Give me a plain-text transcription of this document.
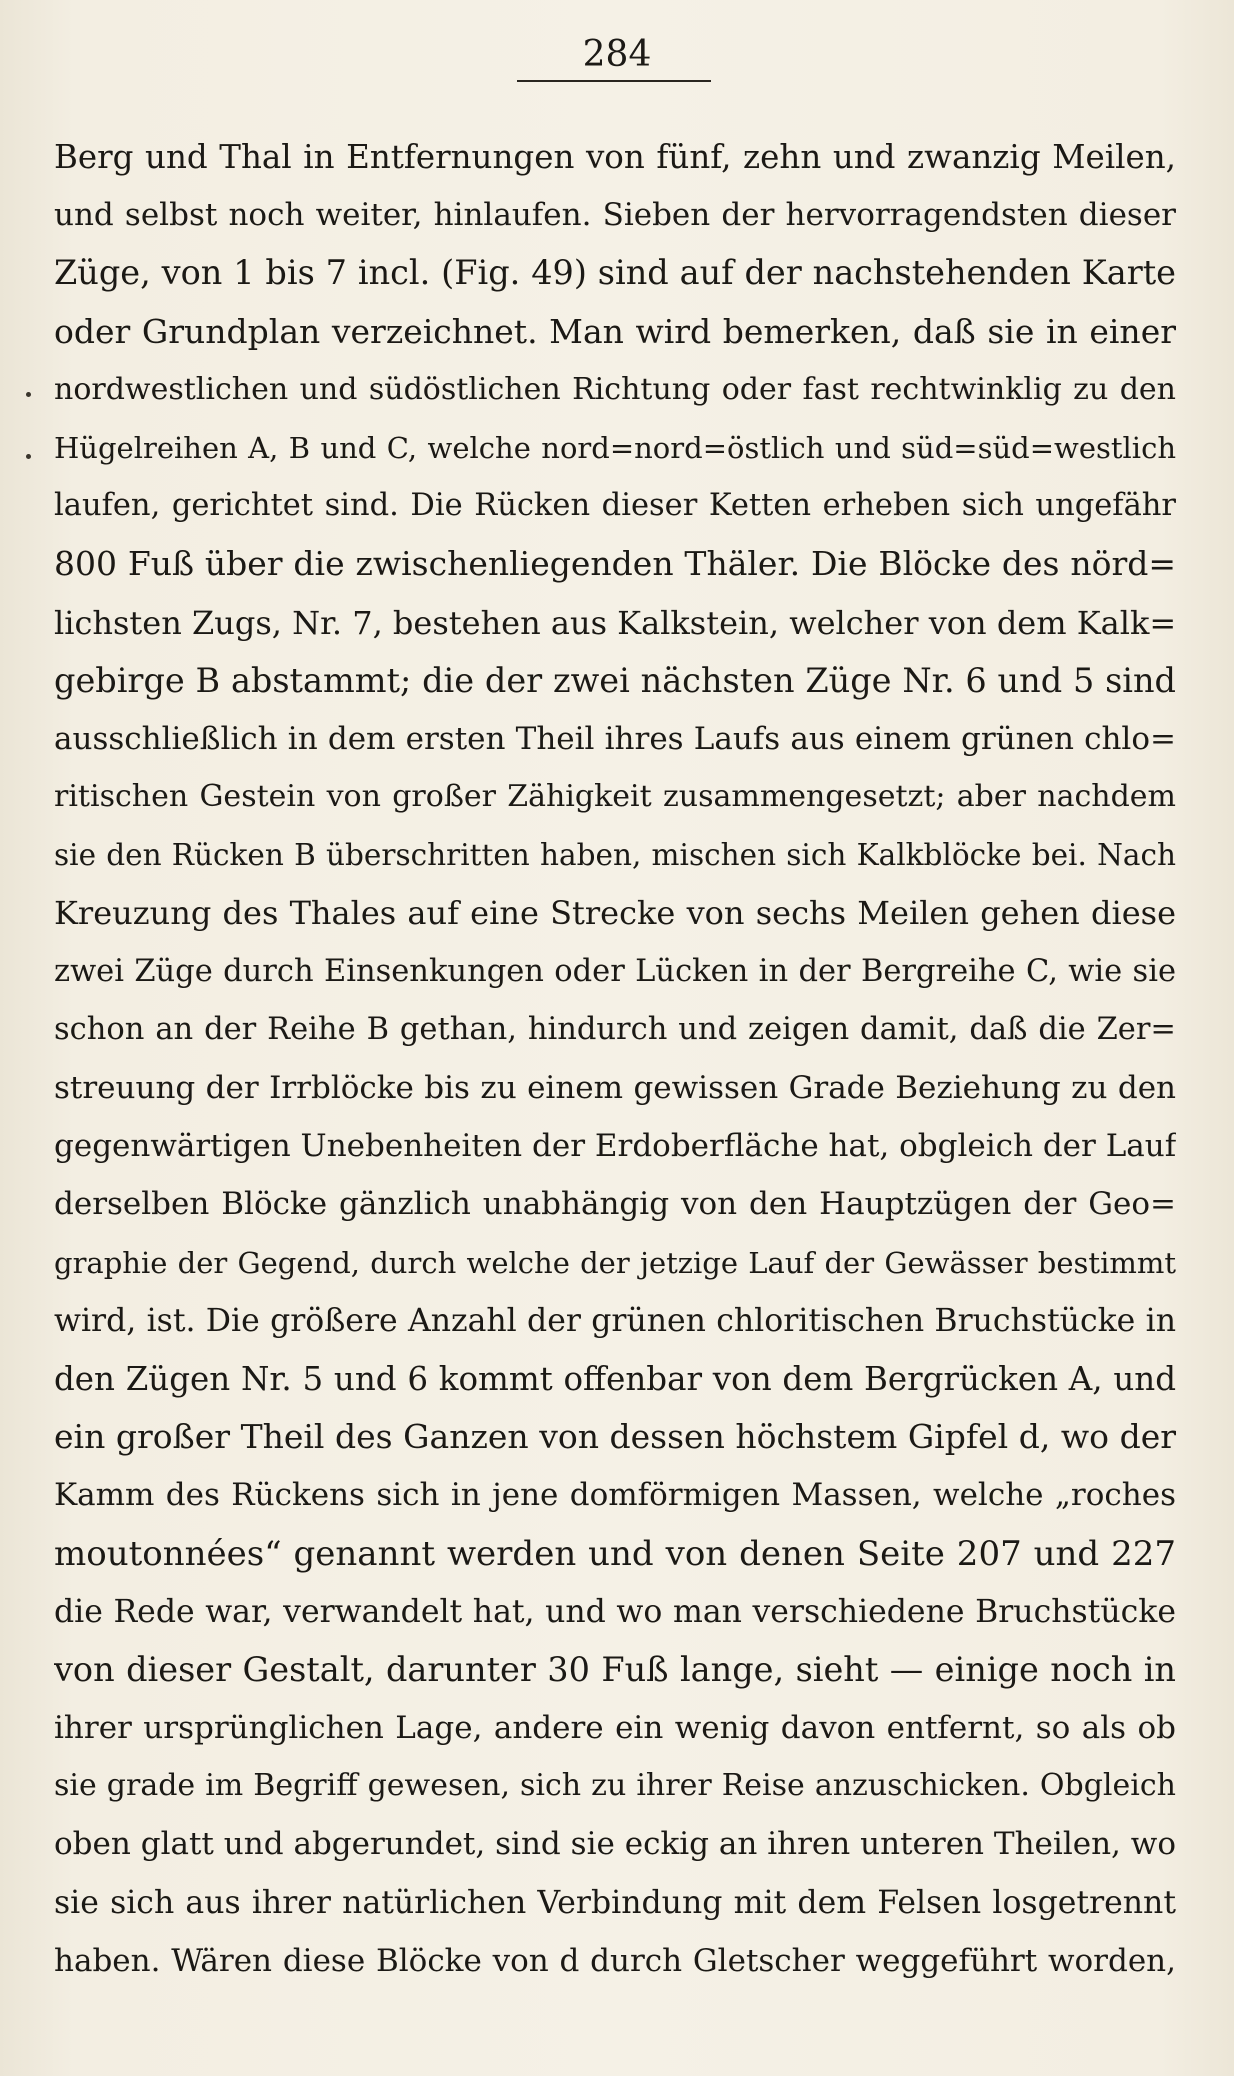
284
Berg und Thal in Entfernungen von fünf, zehn und zwanzig Meilen,
und selbst noch weiter, hinlaufen. Sieben der hervorragendsten dieser
Züge, von 1 bis 7 incl. (Fig. 49) sind auf der nachstehenden Karte
oder Grundplan verzeichnet. Man wird bemerken, daß sie in einer
nordwestlichen und südöstlichen Richtung oder fast rechtwinklig zu den
Hügelreihen A, B und C, welche nord=nord=östlich und süd=süd=westlich
laufen, gerichtet sind. Die Rücken dieser Ketten erheben sich ungefähr
800 Fuß über die zwischenliegenden Thäler. Die Blöcke des nörd=
lichsten Zugs, Nr. 7, bestehen aus Kalkstein, welcher von dem Kalk=
gebirge B abstammt; die der zwei nächsten Züge Nr. 6 und 5 sind
ausschließlich in dem ersten Theil ihres Laufs aus einem grünen chlo=
ritischen Gestein von großer Zähigkeit zusammengesetzt; aber nachdem
sie den Rücken B überschritten haben, mischen sich Kalkblöcke bei. Nach
Kreuzung des Thales auf eine Strecke von sechs Meilen gehen diese
zwei Züge durch Einsenkungen oder Lücken in der Bergreihe C, wie sie
schon an der Reihe B gethan, hindurch und zeigen damit, daß die Zer=
streuung der Irrblöcke bis zu einem gewissen Grade Beziehung zu den
gegenwärtigen Unebenheiten der Erdoberfläche hat, obgleich der Lauf
derselben Blöcke gänzlich unabhängig von den Hauptzügen der Geo=
graphie der Gegend, durch welche der jetzige Lauf der Gewässer bestimmt
wird, ist. Die größere Anzahl der grünen chloritischen Bruchstücke in
den Zügen Nr. 5 und 6 kommt offenbar von dem Bergrücken A, und
ein großer Theil des Ganzen von dessen höchstem Gipfel d, wo der
Kamm des Rückens sich in jene domförmigen Massen, welche „roches
moutonnées“ genannt werden und von denen Seite 207 und 227
die Rede war, verwandelt hat, und wo man verschiedene Bruchstücke
von dieser Gestalt, darunter 30 Fuß lange, sieht — einige noch in
ihrer ursprünglichen Lage, andere ein wenig davon entfernt, so als ob
sie grade im Begriff gewesen, sich zu ihrer Reise anzuschicken. Obgleich
oben glatt und abgerundet, sind sie eckig an ihren unteren Theilen, wo
sie sich aus ihrer natürlichen Verbindung mit dem Felsen losgetrennt
haben. Wären diese Blöcke von d durch Gletscher weggeführt worden,
